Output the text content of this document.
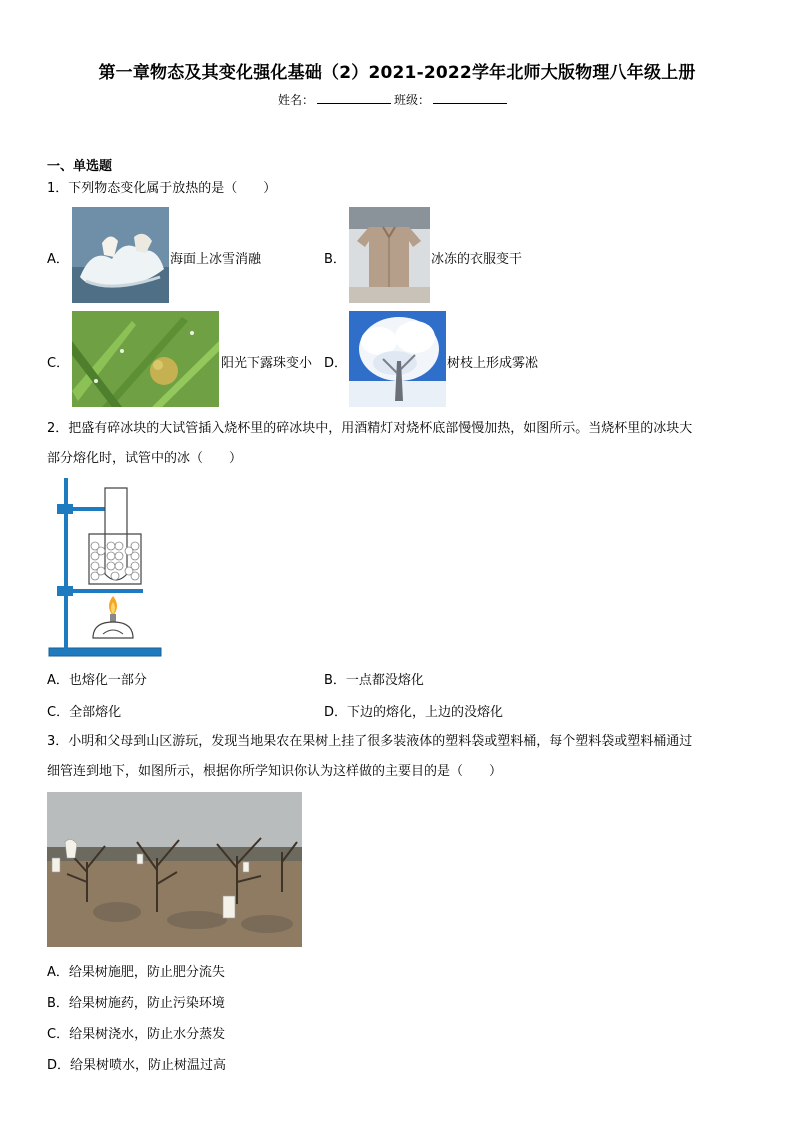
第一章物态及其变化强化基础（2）2021-2022学年北师大版物理八年级上册
姓名：	班级：
一、单选题
1．下列物态变化属于放热的是（　　）
A．	海面上冰雪消融	B．	冰冻的衣服变干
C．	阳光下露珠变小 D．	树枝上形成雾凇
2．把盛有碎冰块的大试管插入烧杯里的碎冰块中，用酒精灯对烧杯底部慢慢加热，如图所示。当烧杯里的冰块大
部分熔化时，试管中的冰（　　）
A．也熔化一部分	B．一点都没熔化
C．全部熔化	D．下边的熔化，上边的没熔化
3．小明和父母到山区游玩，发现当地果农在果树上挂了很多装液体的塑料袋或塑料桶，每个塑料袋或塑料桶通过
细管连到地下，如图所示，根据你所学知识你认为这样做的主要目的是（　　）
A．给果树施肥，防止肥分流失
B．给果树施药，防止污染环境
C．给果树浇水，防止水分蒸发
D．给果树喷水，防止树温过高
